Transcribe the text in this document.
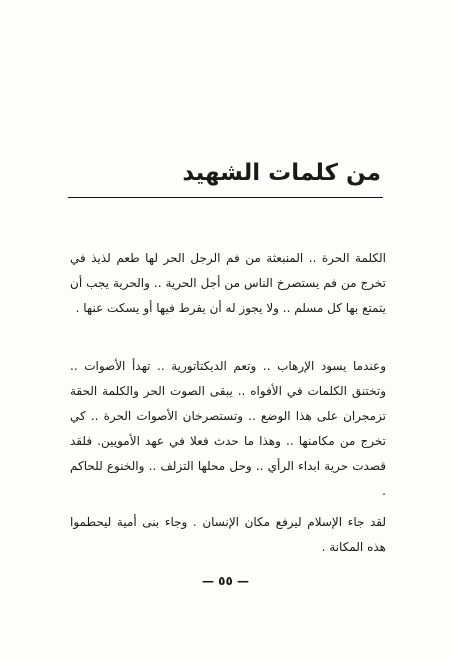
من كلمات الشهيد

الكلمة الحرة .. المنبعثة من فم الرجل الحر لها طعم لذيذ في تخرج من فم يستصرخ الناس من أجل الحرية .. والحرية يجب أن يتمتع بها كل مسلم .. ولا يجوز له أن يفرط فيها أو يسكت عنها .

وعندما يسود الإرهاب .. وتعم الديكتاتورية .. تهدأ الأصوات .. وتختنق الكلمات في الأفواه .. يبقى الصوت الحر والكلمة الحقة تزمجران على هذا الوضع .. وتستصرخان الأصوات الحرة .. كي تخرج من مكامنها .. وهذا ما حدث فعلا في عهد الأمويين. فلقد قصدت حرية ابداء الرأي .. وحل محلها التزلف .. والخنوع للحاكم .

لقد جاء الإسلام ليرفع مكان الإنسان . وجاء بنى أمية ليحطموا هذه المكانة .

— ٥٥ —
